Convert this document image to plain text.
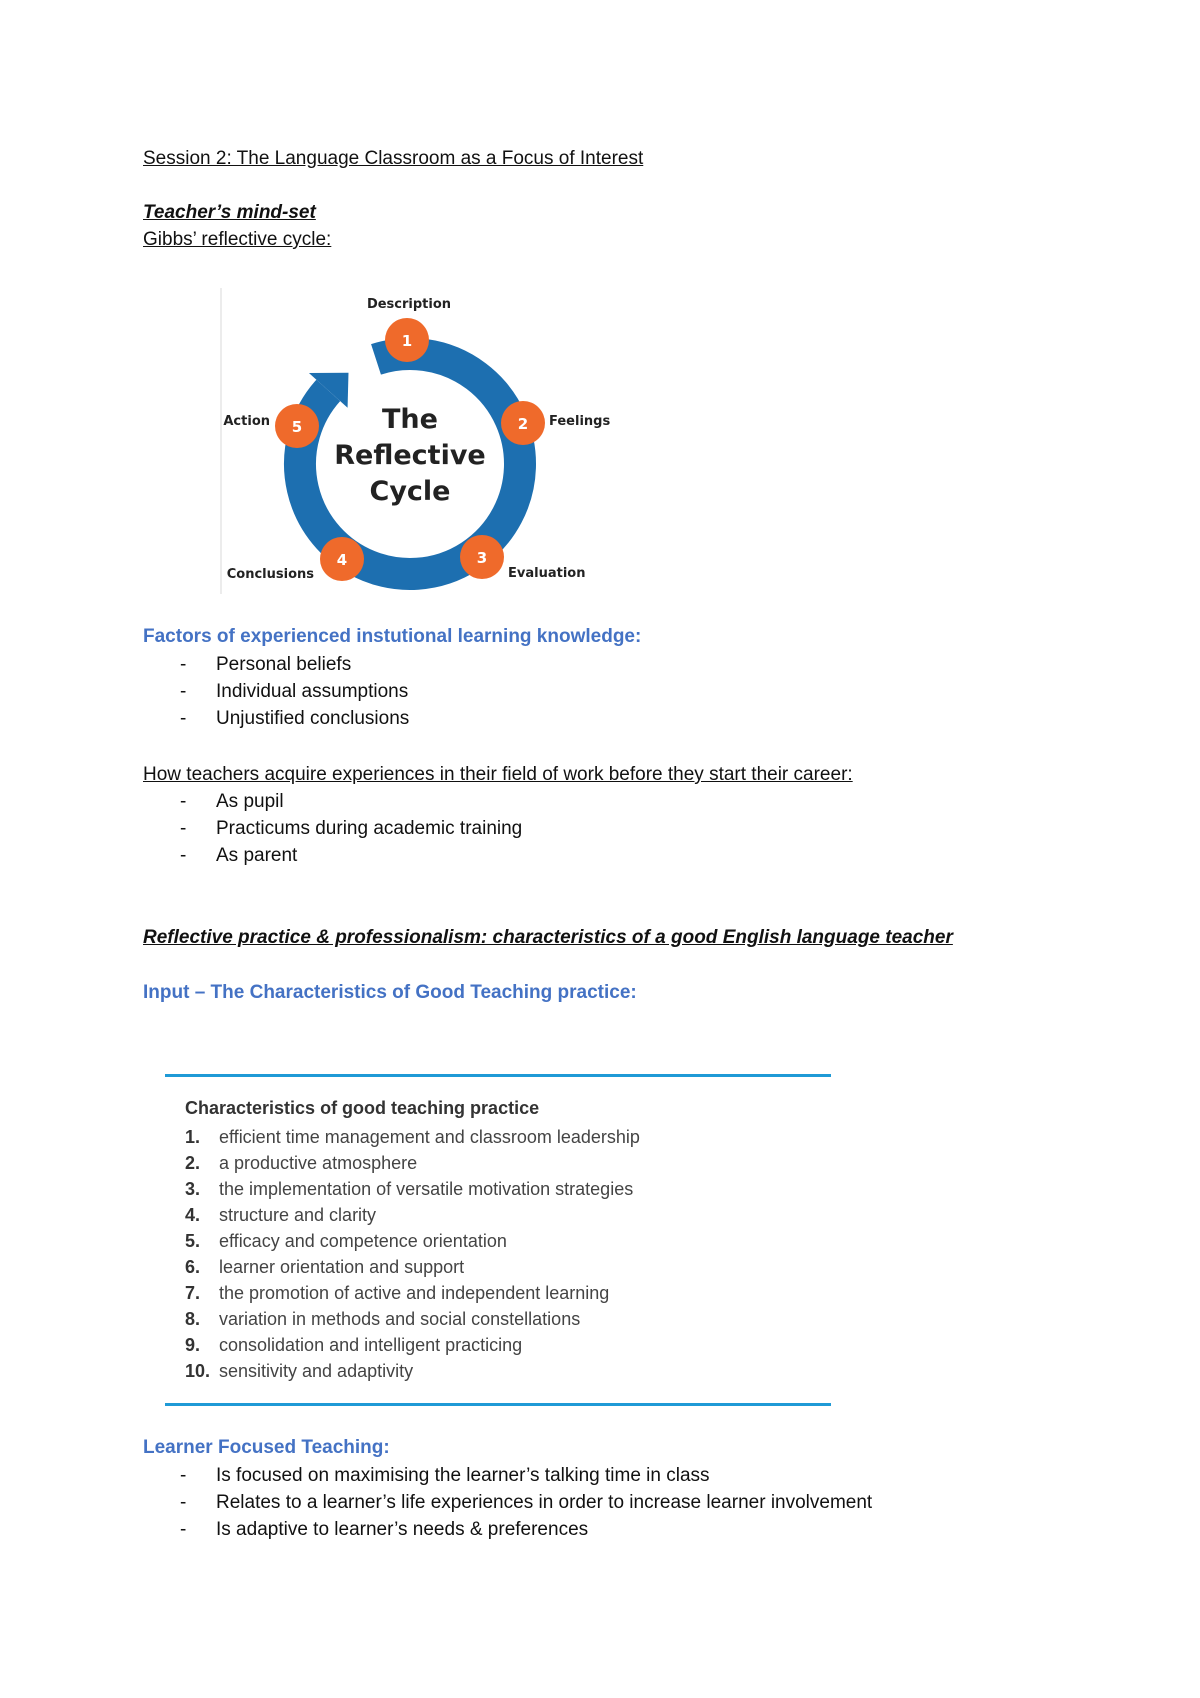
Session 2: The Language Classroom as a Focus of Interest
Teacher’s mind-set
Gibbs’ reflective cycle:
The
Reflective
Cycle
1
Description
2 Feelings
3
Evaluation
4
Conclusions
5
Action
Factors of experienced instutional learning knowledge:
- Personal beliefs
- Individual assumptions
- Unjustified conclusions
How teachers acquire experiences in their field of work before they start their career:
- As pupil
- Practicums during academic training
- As parent
Reflective practice & professionalism: characteristics of a good English language teacher
Input – The Characteristics of Good Teaching practice:
Characteristics of good teaching practice
1. efficient time management and classroom leadership
2. a productive atmosphere
3. the implementation of versatile motivation strategies
4. structure and clarity
5. efficacy and competence orientation
6. learner orientation and support
7. the promotion of active and independent learning
8. variation in methods and social constellations
9. consolidation and intelligent practicing
10. sensitivity and adaptivity
Learner Focused Teaching:
- Is focused on maximising the learner’s talking time in class
- Relates to a learner’s life experiences in order to increase learner involvement
- Is adaptive to learner’s needs & preferences
